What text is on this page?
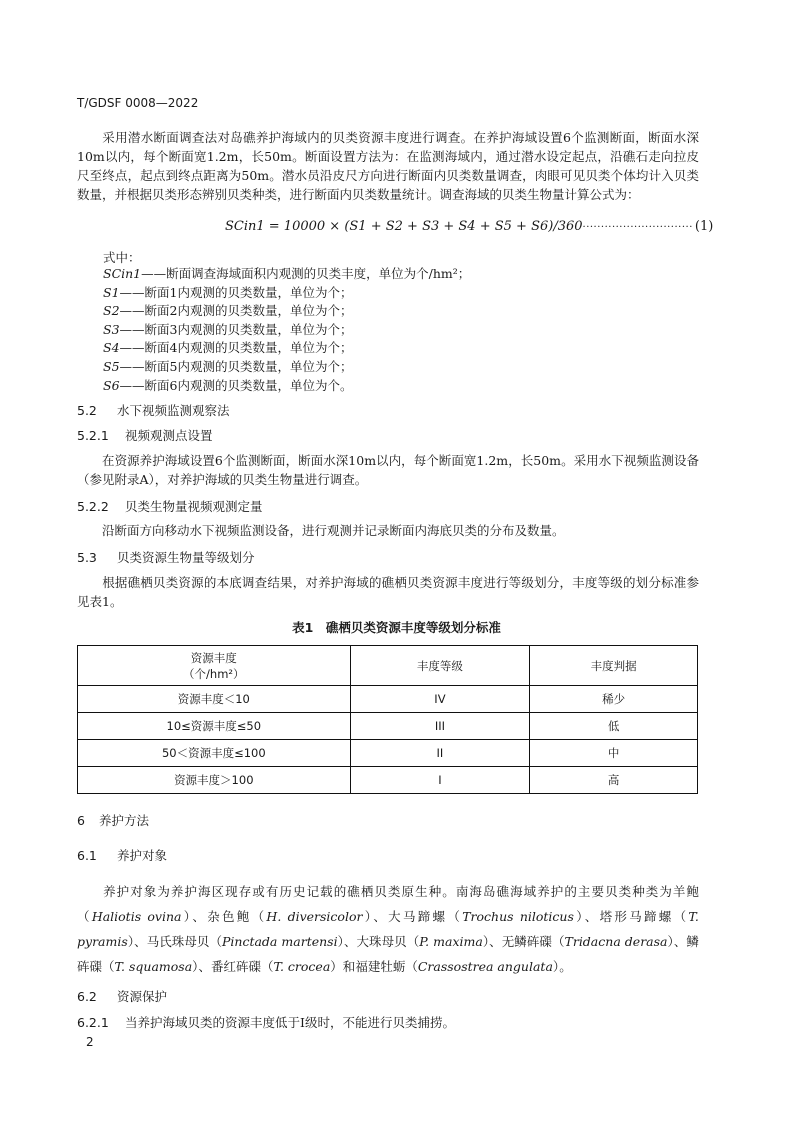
T/GDSF 0008—2022
采用潜水断面调查法对岛礁养护海域内的贝类资源丰度进行调查。在养护海域设置6个监测断面，断面水深10m以内，每个断面宽1.2m，长50m。断面设置方法为：在监测海域内，通过潜水设定起点，沿礁石走向拉皮尺至终点，起点到终点距离为50m。潜水员沿皮尺方向进行断面内贝类数量调查，肉眼可见贝类个体均计入贝类数量，并根据贝类形态辨别贝类种类，进行断面内贝类数量统计。调查海域的贝类生物量计算公式为：
SCin1 = 10000 × (S1 + S2 + S3 + S4 + S5 + S6)/360······························ (1)
式中：
SCin1——断面调查海域面积内观测的贝类丰度，单位为个/hm²；
S1——断面1内观测的贝类数量，单位为个；
S2——断面2内观测的贝类数量，单位为个；
S3——断面3内观测的贝类数量，单位为个；
S4——断面4内观测的贝类数量，单位为个；
S5——断面5内观测的贝类数量，单位为个；
S6——断面6内观测的贝类数量，单位为个。
5.2 水下视频监测观察法
5.2.1 视频观测点设置
在资源养护海域设置6个监测断面，断面水深10m以内，每个断面宽1.2m，长50m。采用水下视频监测设备（参见附录A），对养护海域的贝类生物量进行调查。
5.2.2 贝类生物量视频观测定量
沿断面方向移动水下视频监测设备，进行观测并记录断面内海底贝类的分布及数量。
5.3 贝类资源生物量等级划分
根据礁栖贝类资源的本底调查结果，对养护海域的礁栖贝类资源丰度进行等级划分，丰度等级的划分标准参见表1。
表1　礁栖贝类资源丰度等级划分标准
资源丰度
（个/hm²）	丰度等级	丰度判据
资源丰度＜10	IV	稀少
10≤资源丰度≤50	III	低
50＜资源丰度≤100	II	中
资源丰度＞100	I	高
6 养护方法
6.1 养护对象
养护对象为养护海区现存或有历史记载的礁栖贝类原生种。南海岛礁海域养护的主要贝类种类为羊鲍（Haliotis ovina）、杂色鲍（H. diversicolor）、大马蹄螺（Trochus niloticus）、塔形马蹄螺（T. pyramis）、马氏珠母贝（Pinctada martensi）、大珠母贝（P. maxima）、无鳞砗磲（Tridacna derasa）、鳞砗磲（T. squamosa）、番红砗磲（T. crocea）和福建牡蛎（Crassostrea angulata）。
6.2 资源保护
6.2.1 当养护海域贝类的资源丰度低于I级时，不能进行贝类捕捞。
2
